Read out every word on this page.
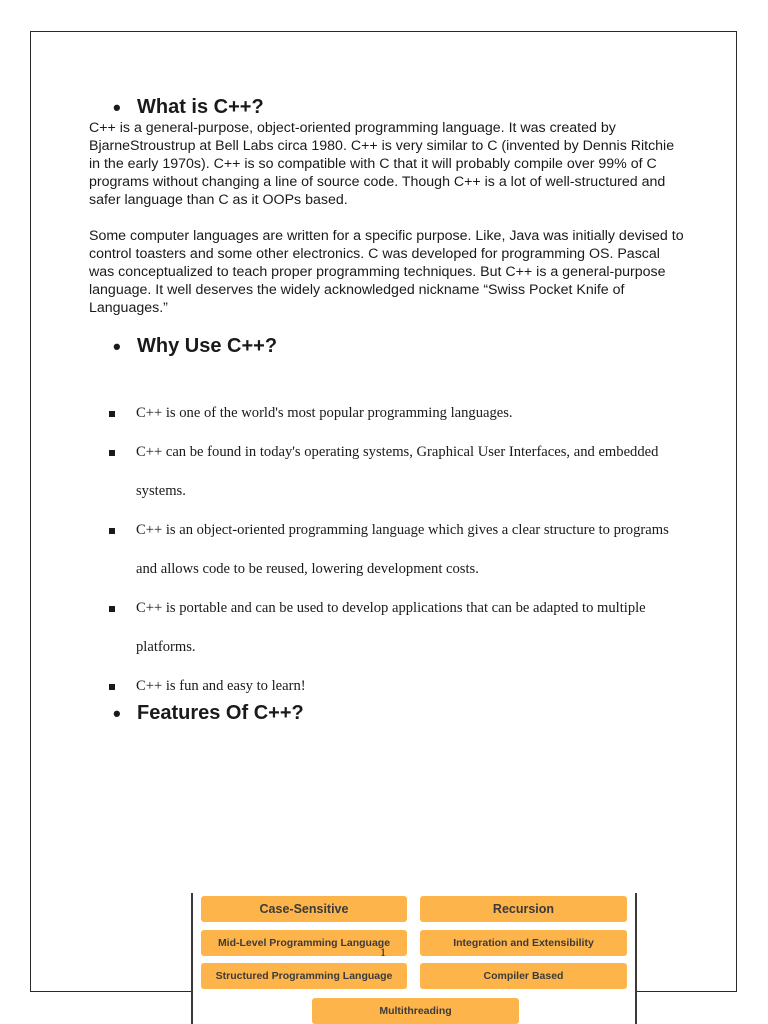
• What is C++?

C++ is a general-purpose, object-oriented programming language. It was created by BjarneStroustrup at Bell Labs circa 1980. C++ is very similar to C (invented by Dennis Ritchie in the early 1970s). C++ is so compatible with C that it will probably compile over 99% of C programs without changing a line of source code. Though C++ is a lot of well-structured and safer language than C as it OOPs based.

Some computer languages are written for a specific purpose. Like, Java was initially devised to control toasters and some other electronics. C was developed for programming OS. Pascal was conceptualized to teach proper programming techniques. But C++ is a general-purpose language. It well deserves the widely acknowledged nickname “Swiss Pocket Knife of Languages.”

• Why Use C++?
C++ is one of the world's most popular programming languages.
C++ can be found in today's operating systems, Graphical User Interfaces, and embedded systems.
C++ is an object-oriented programming language which gives a clear structure to programs and allows code to be reused, lowering development costs.
C++ is portable and can be used to develop applications that can be adapted to multiple platforms.
C++ is fun and easy to learn!
• Features Of C++?
Case-Sensitive	Recursion
Mid-Level Programming Language	Integration and Extensibility
Structured Programming Language	Compiler Based
Multithreading
1
